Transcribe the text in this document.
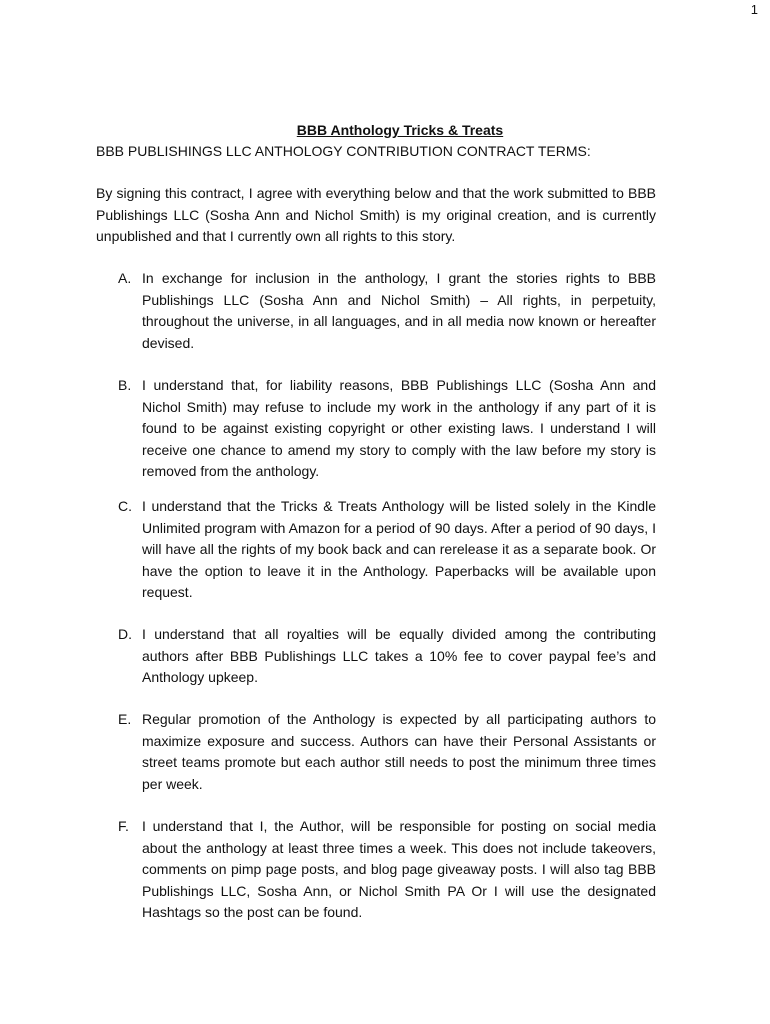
1
BBB Anthology Tricks & Treats
BBB PUBLISHINGS LLC ANTHOLOGY CONTRIBUTION CONTRACT TERMS:

By signing this contract, I agree with everything below and that the work submitted to BBB Publishings LLC (Sosha Ann and Nichol Smith) is my original creation, and is currently unpublished and that I currently own all rights to this story.

A. In exchange for inclusion in the anthology, I grant the stories rights to BBB Publishings LLC (Sosha Ann and Nichol Smith) – All rights, in perpetuity, throughout the universe, in all languages, and in all media now known or hereafter devised.
B. I understand that, for liability reasons, BBB Publishings LLC (Sosha Ann and Nichol Smith) may refuse to include my work in the anthology if any part of it is found to be against existing copyright or other existing laws. I understand I will receive one chance to amend my story to comply with the law before my story is removed from the anthology.
C. I understand that the Tricks & Treats Anthology will be listed solely in the Kindle Unlimited program with Amazon for a period of 90 days. After a period of 90 days, I will have all the rights of my book back and can rerelease it as a separate book. Or have the option to leave it in the Anthology. Paperbacks will be available upon request.
D. I understand that all royalties will be equally divided among the contributing authors after BBB Publishings LLC takes a 10% fee to cover paypal fee’s and Anthology upkeep.
E. Regular promotion of the Anthology is expected by all participating authors to maximize exposure and success. Authors can have their Personal Assistants or street teams promote but each author still needs to post the minimum three times per week.
F. I understand that I, the Author, will be responsible for posting on social media about the anthology at least three times a week. This does not include takeovers, comments on pimp page posts, and blog page giveaway posts. I will also tag BBB Publishings LLC, Sosha Ann, or Nichol Smith PA Or I will use the designated Hashtags so the post can be found.
